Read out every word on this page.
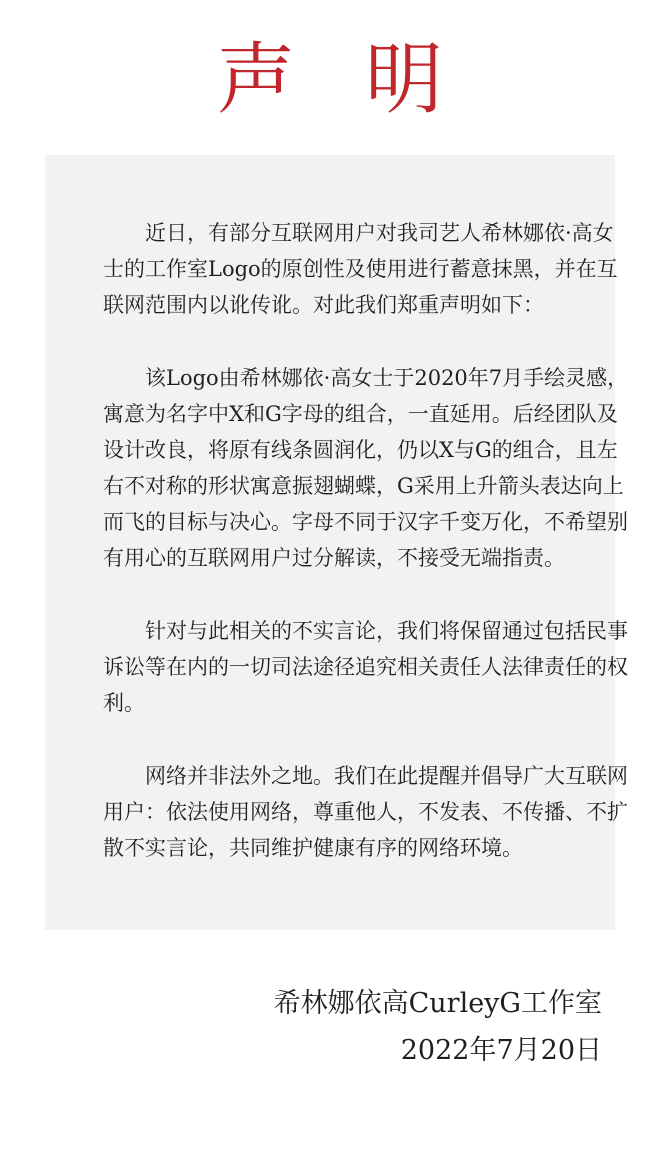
声 明

近日，有部分互联网用户对我司艺人希林娜依·高女士的工作室Logo的原创性及使用进行蓄意抹黑，并在互联网范围内以讹传讹。对此我们郑重声明如下：

该Logo由希林娜依·高女士于2020年7月手绘灵感，寓意为名字中X和G字母的组合，一直延用。后经团队及设计改良，将原有线条圆润化，仍以X与G的组合，且左右不对称的形状寓意振翅蝴蝶，G采用上升箭头表达向上而飞的目标与决心。字母不同于汉字千变万化，不希望别有用心的互联网用户过分解读，不接受无端指责。

针对与此相关的不实言论，我们将保留通过包括民事诉讼等在内的一切司法途径追究相关责任人法律责任的权利。

网络并非法外之地。我们在此提醒并倡导广大互联网用户：依法使用网络，尊重他人，不发表、不传播、不扩散不实言论，共同维护健康有序的网络环境。

希林娜依高CurleyG工作室
2022年7月20日
